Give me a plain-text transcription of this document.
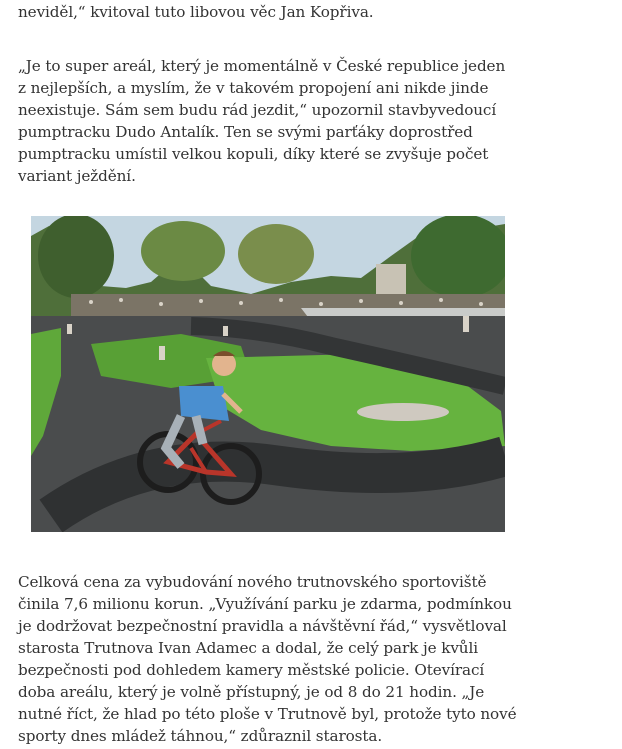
neviděl,“ kvitoval tuto libovou věc Jan Kopřiva.

„Je to super areál, který je momentálně v České republice jeden
z nejlepších, a myslím, že v takovém propojení ani nikde jinde
neexistuje. Sám sem budu rád jezdit,“ upozornil stavbyvedoucí
pumptracku Dudo Antalík. Ten se svými parťáky doprostřed
pumptracku umístil velkou kopuli, díky které se zvyšuje počet
variant ježdění.

Celková cena za vybudování nového trutnovského sportoviště
činila 7,6 milionu korun. „Využívání parku je zdarma, podmínkou
je dodržovat bezpečnostní pravidla a návštěvní řád,“ vysvětloval
starosta Trutnova Ivan Adamec a dodal, že celý park je kvůli
bezpečnosti pod dohledem kamery městské policie. Otevírací
doba areálu, který je volně přístupný, je od 8 do 21 hodin. „Je
nutné říct, že hlad po této ploše v Trutnově byl, protože tyto nové
sporty dnes mládež táhnou,“ zdůraznil starosta.
